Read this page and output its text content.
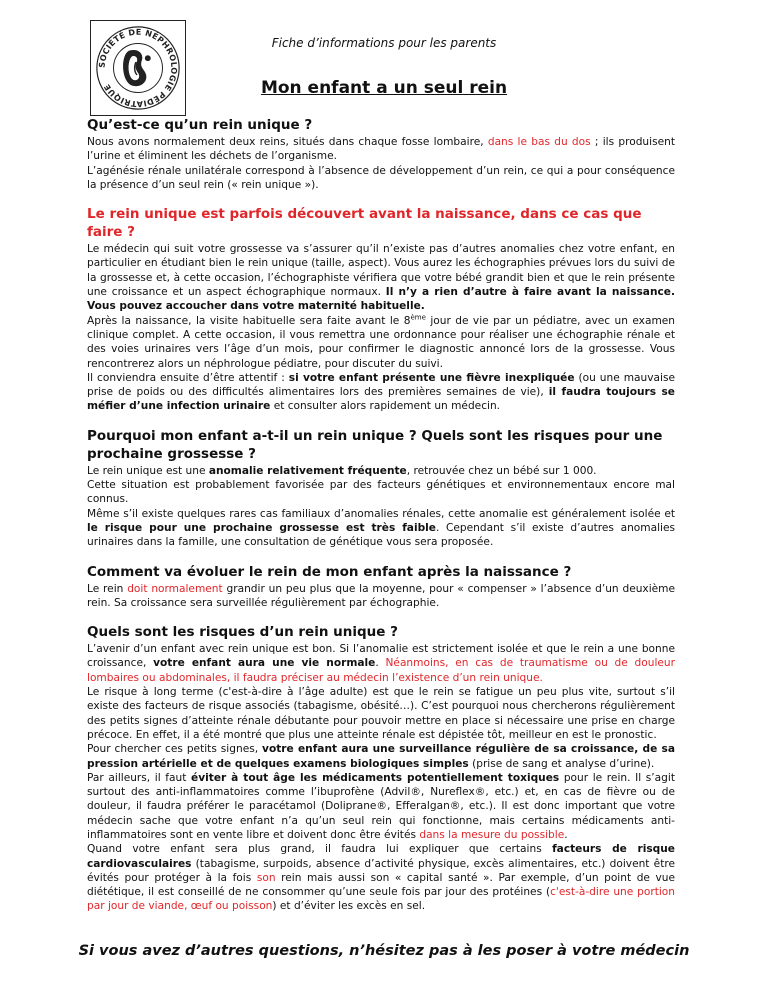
SOCIÉTÉ DE NÉPHROLOGIE PÉDIATRIQUE
Fiche d’informations pour les parents
Mon enfant a un seul rein
Qu’est-ce qu’un rein unique ?

Nous avons normalement deux reins, situés dans chaque fosse lombaire, dans le bas du dos ; ils produisent l’urine et éliminent les déchets de l’organisme.

L’agénésie rénale unilatérale correspond à l’absence de développement d’un rein, ce qui a pour conséquence la présence d’un seul rein (« rein unique »).

Le rein unique est parfois découvert avant la naissance, dans ce cas que faire ?

Le médecin qui suit votre grossesse va s’assurer qu’il n’existe pas d’autres anomalies chez votre enfant, en particulier en étudiant bien le rein unique (taille, aspect). Vous aurez les échographies prévues lors du suivi de la grossesse et, à cette occasion, l’échographiste vérifiera que votre bébé grandit bien et que le rein présente une croissance et un aspect échographique normaux. Il n’y a rien d’autre à faire avant la naissance. Vous pouvez accoucher dans votre maternité habituelle.

Après la naissance, la visite habituelle sera faite avant le 8ème jour de vie par un pédiatre, avec un examen clinique complet. A cette occasion, il vous remettra une ordonnance pour réaliser une échographie rénale et des voies urinaires vers l’âge d’un mois, pour confirmer le diagnostic annoncé lors de la grossesse. Vous rencontrerez alors un néphrologue pédiatre, pour discuter du suivi.

Il conviendra ensuite d’être attentif : si votre enfant présente une fièvre inexpliquée (ou une mauvaise prise de poids ou des difficultés alimentaires lors des premières semaines de vie), il faudra toujours se méfier d’une infection urinaire et consulter alors rapidement un médecin.

Pourquoi mon enfant a-t-il un rein unique ? Quels sont les risques pour une prochaine grossesse ?

Le rein unique est une anomalie relativement fréquente, retrouvée chez un bébé sur 1 000.

Cette situation est probablement favorisée par des facteurs génétiques et environnementaux encore mal connus.

Même s’il existe quelques rares cas familiaux d’anomalies rénales, cette anomalie est généralement isolée et le risque pour une prochaine grossesse est très faible. Cependant s’il existe d’autres anomalies urinaires dans la famille, une consultation de génétique vous sera proposée.

Comment va évoluer le rein de mon enfant après la naissance ?

Le rein doit normalement grandir un peu plus que la moyenne, pour « compenser » l’absence d’un deuxième rein. Sa croissance sera surveillée régulièrement par échographie.

Quels sont les risques d’un rein unique ?

L’avenir d’un enfant avec rein unique est bon. Si l’anomalie est strictement isolée et que le rein a une bonne croissance, votre enfant aura une vie normale. Néanmoins, en cas de traumatisme ou de douleur lombaires ou abdominales, il faudra préciser au médecin l’existence d’un rein unique.

Le risque à long terme (c'est-à-dire à l’âge adulte) est que le rein se fatigue un peu plus vite, surtout s’il existe des facteurs de risque associés (tabagisme, obésité…). C’est pourquoi nous chercherons régulièrement des petits signes d’atteinte rénale débutante pour pouvoir mettre en place si nécessaire une prise en charge précoce. En effet, il a été montré que plus une atteinte rénale est dépistée tôt, meilleur en est le pronostic.

Pour chercher ces petits signes, votre enfant aura une surveillance régulière de sa croissance, de sa pression artérielle et de quelques examens biologiques simples (prise de sang et analyse d’urine).

Par ailleurs, il faut éviter à tout âge les médicaments potentiellement toxiques pour le rein. Il s’agit surtout des anti-inflammatoires comme l’ibuprofène (Advil®, Nureflex®, etc.) et, en cas de fièvre ou de douleur, il faudra préférer le paracétamol (Doliprane®, Efferalgan®, etc.). Il est donc important que votre médecin sache que votre enfant n’a qu’un seul rein qui fonctionne, mais certains médicaments anti-inflammatoires sont en vente libre et doivent donc être évités dans la mesure du possible.

Quand votre enfant sera plus grand, il faudra lui expliquer que certains facteurs de risque cardiovasculaires (tabagisme, surpoids, absence d’activité physique, excès alimentaires, etc.) doivent être évités pour protéger à la fois son rein mais aussi son « capital santé ». Par exemple, d’un point de vue diététique, il est conseillé de ne consommer qu’une seule fois par jour des protéines (c'est-à-dire une portion par jour de viande, œuf ou poisson) et d’éviter les excès en sel.

Si vous avez d’autres questions, n’hésitez pas à les poser à votre médecin
